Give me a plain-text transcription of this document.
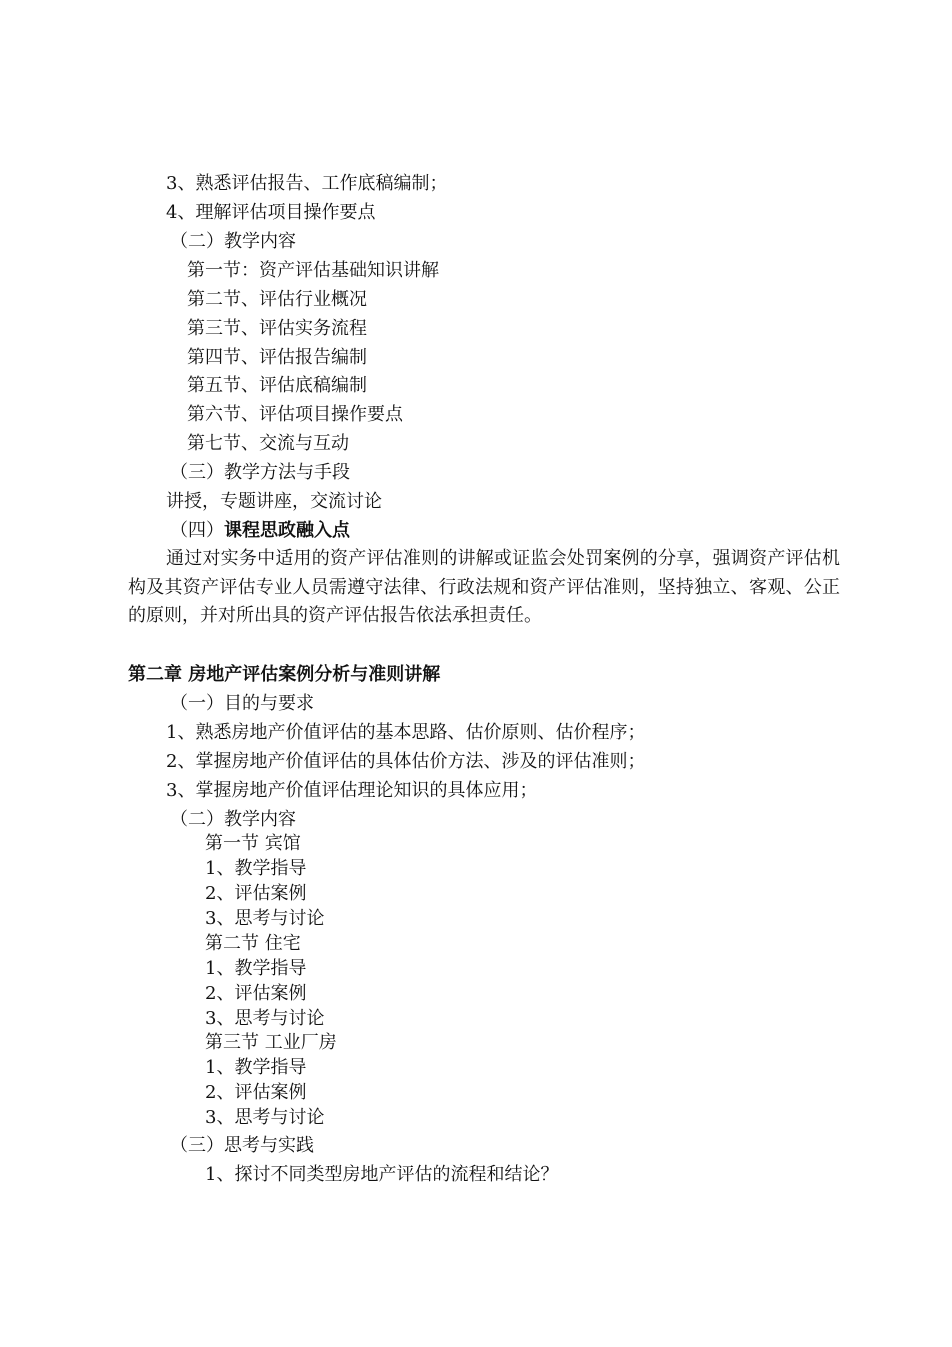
3、熟悉评估报告、工作底稿编制；
4、理解评估项目操作要点
（二）教学内容
第一节：资产评估基础知识讲解
第二节、评估行业概况
第三节、评估实务流程
第四节、评估报告编制
第五节、评估底稿编制
第六节、评估项目操作要点
第七节、交流与互动
（三）教学方法与手段
讲授，专题讲座，交流讨论
（四）课程思政融入点
通过对实务中适用的资产评估准则的讲解或证监会处罚案例的分享，强调资产评估机构及其资产评估专业人员需遵守法律、行政法规和资产评估准则，坚持独立、客观、公正的原则，并对所出具的资产评估报告依法承担责任。
第二章 房地产评估案例分析与准则讲解
（一）目的与要求
1、熟悉房地产价值评估的基本思路、估价原则、估价程序；
2、掌握房地产价值评估的具体估价方法、涉及的评估准则；
3、掌握房地产价值评估理论知识的具体应用；
（二）教学内容
第一节 宾馆
1、教学指导
2、评估案例
3、思考与讨论
第二节 住宅
1、教学指导
2、评估案例
3、思考与讨论
第三节 工业厂房
1、教学指导
2、评估案例
3、思考与讨论
（三）思考与实践
1、探讨不同类型房地产评估的流程和结论？
